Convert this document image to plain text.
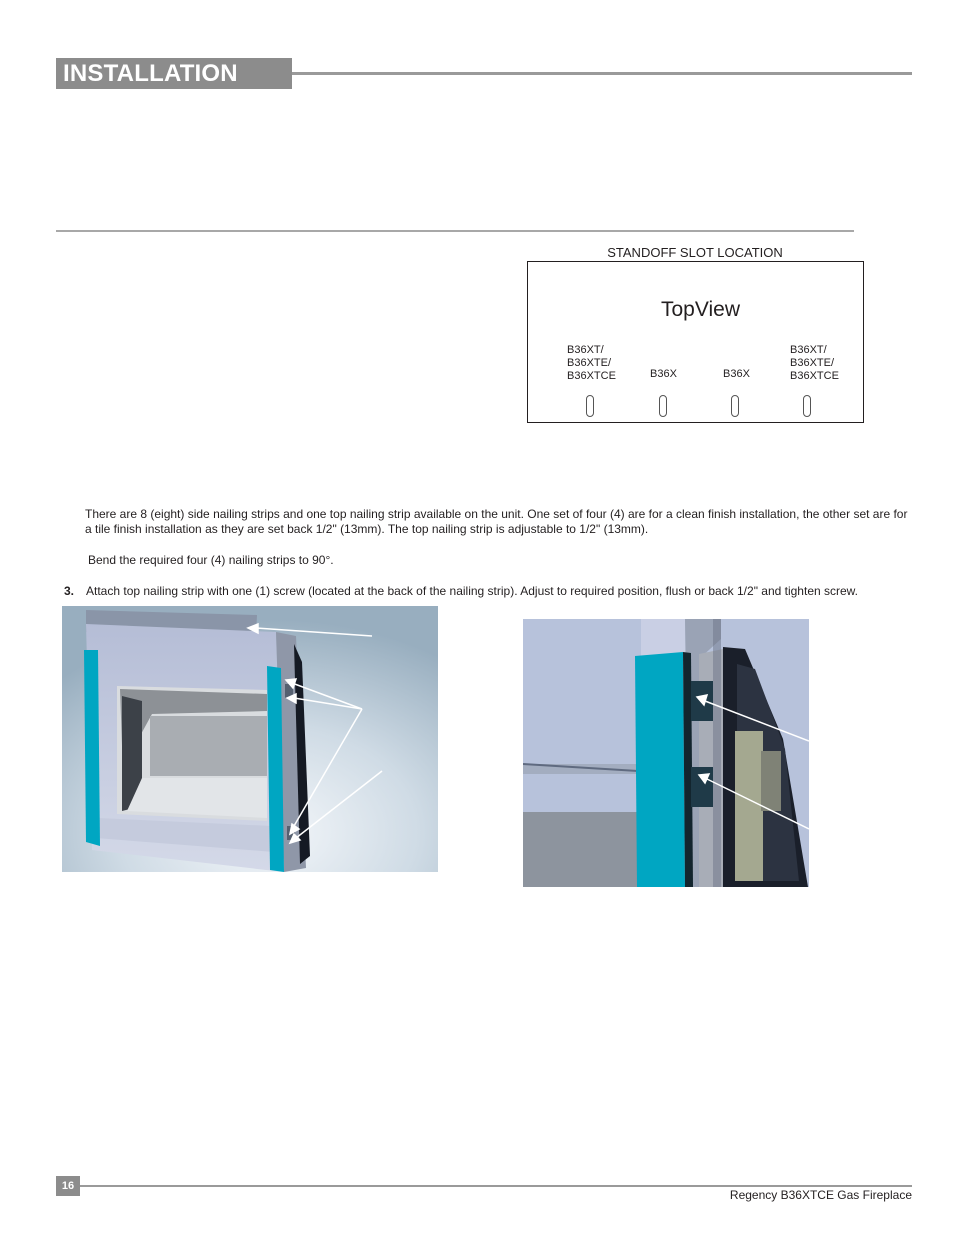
INSTALLATION
STANDOFF SLOT LOCATION
TopView
B36XT/
B36XTE/
B36XTCE	B36X	B36X
B36XT/
B36XTE/
B36XTCE
There are 8 (eight) side nailing strips and one top nailing strip available on the unit. One set of four (4) are for a clean finish installation, the other set are for a tile finish installation as they are set back 1/2" (13mm). The top nailing strip is adjustable to 1/2" (13mm).
Bend the required four (4) nailing strips to 90°.
3. Attach top nailing strip with one (1) screw (located at the back of the nailing strip). Adjust to required position, flush or back 1/2" and tighten screw.
16
Regency B36XTCE Gas Fireplace
